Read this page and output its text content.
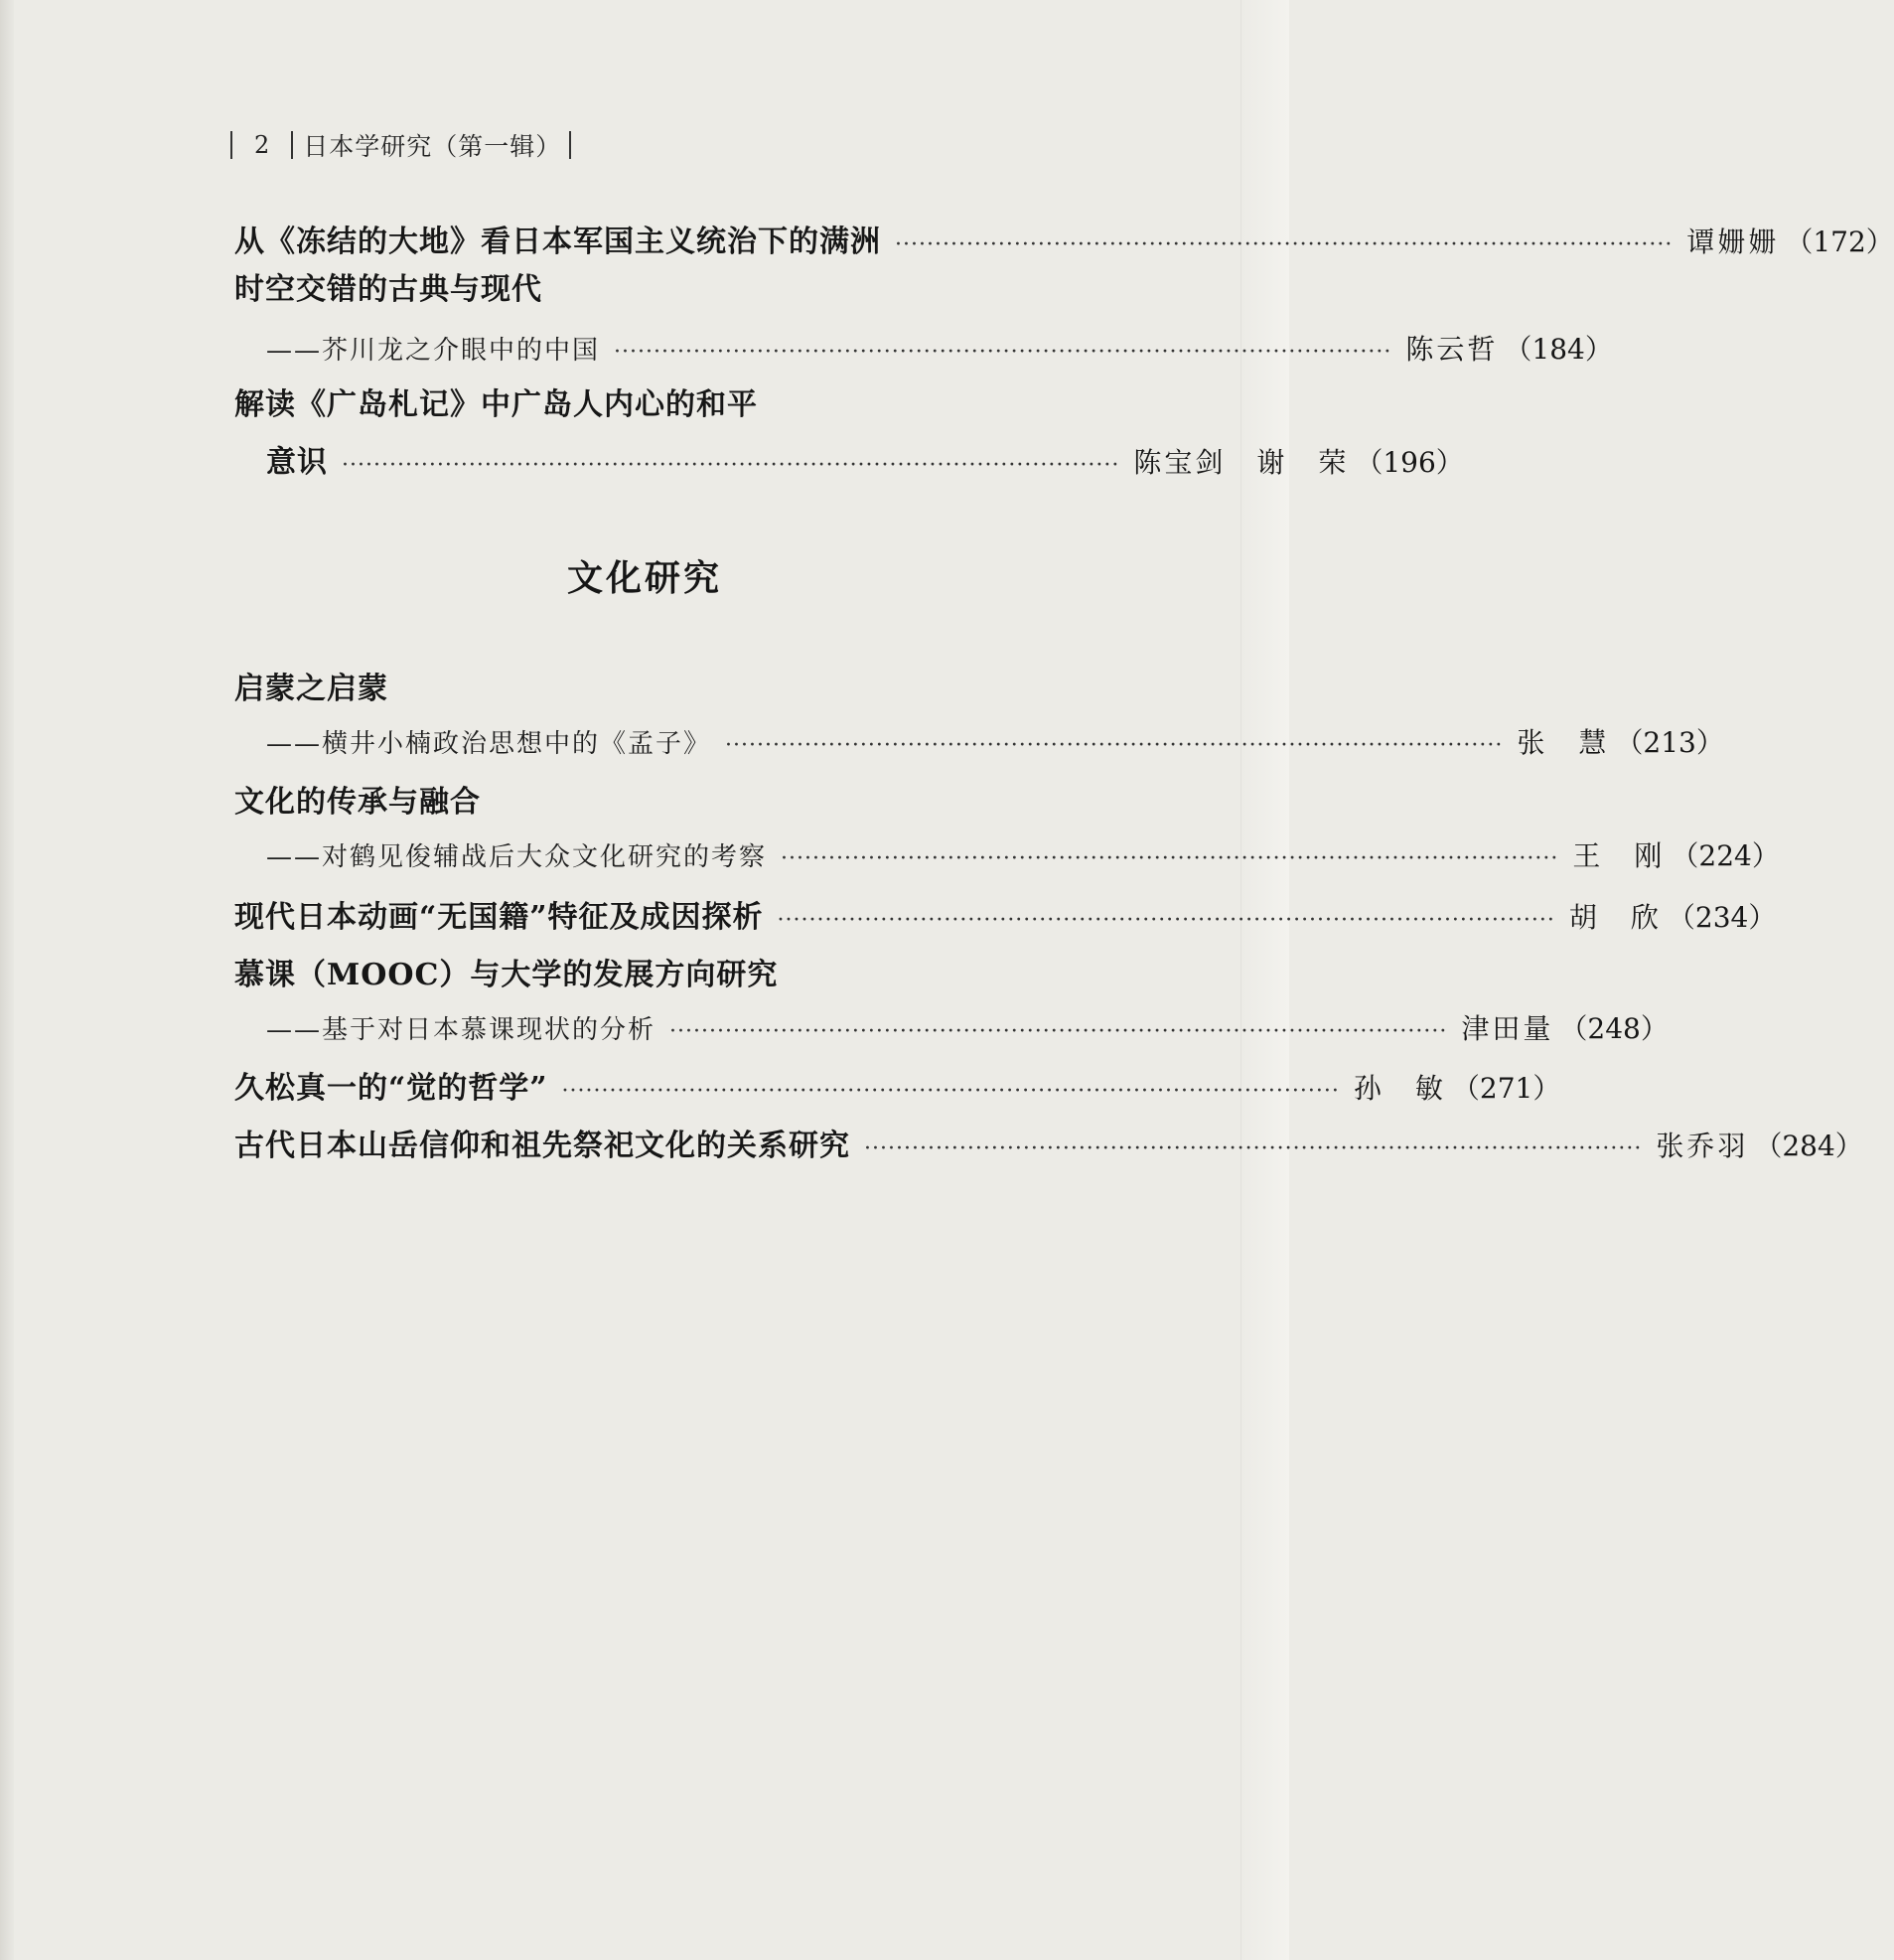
2 日本学研究（第一辑）
从《冻结的大地》看日本军国主义统治下的满洲 ·································································································· 谭姗姗 （172）
时空交错的古典与现代
——芥川龙之介眼中的中国 ·································································································· 陈云哲 （184）
解读《广岛札记》中广岛人内心的和平
意识 ·································································································· 陈宝剑　谢　荣 （196）
文化研究
启蒙之启蒙
——横井小楠政治思想中的《孟子》 ·································································································· 张　慧 （213）
文化的传承与融合
——对鹤见俊辅战后大众文化研究的考察 ·································································································· 王　刚 （224）
现代日本动画“无国籍”特征及成因探析 ·································································································· 胡　欣 （234）
慕课（MOOC）与大学的发展方向研究
——基于对日本慕课现状的分析 ·································································································· 津田量 （248）
久松真一的“觉的哲学” ·································································································· 孙　敏 （271）
古代日本山岳信仰和祖先祭祀文化的关系研究 ·································································································· 张乔羽 （284）
